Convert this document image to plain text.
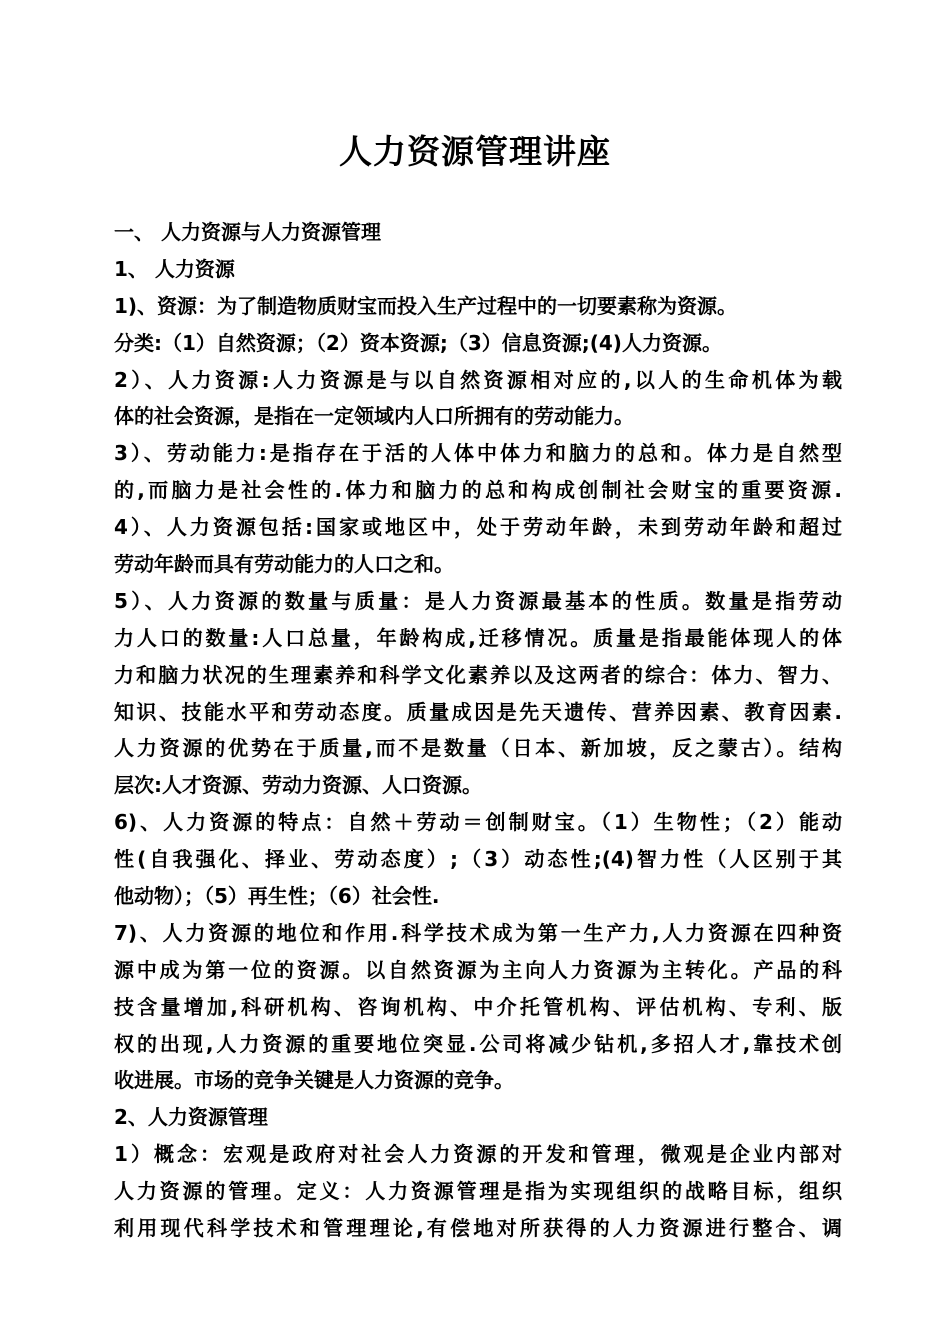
人力资源管理讲座
一、 人力资源与人力资源管理
1、 人力资源
1)、资源：为了制造物质财宝而投入生产过程中的一切要素称为资源。
分类:（1）自然资源；（2）资本资源;（3）信息资源;(4)人力资源。
2）、人力资源:人力资源是与以自然资源相对应的,以人的生命机体为载
体的社会资源，是指在一定领域内人口所拥有的劳动能力。
3）、劳动能力:是指存在于活的人体中体力和脑力的总和。体力是自然型
的,而脑力是社会性的.体力和脑力的总和构成创制社会财宝的重要资源.
4）、人力资源包括:国家或地区中，处于劳动年龄，未到劳动年龄和超过
劳动年龄而具有劳动能力的人口之和。
5）、人力资源的数量与质量：是人力资源最基本的性质。数量是指劳动
力人口的数量:人口总量，年龄构成,迁移情况。质量是指最能体现人的体
力和脑力状况的生理素养和科学文化素养以及这两者的综合：体力、智力、
知识、技能水平和劳动态度。质量成因是先天遗传、营养因素、教育因素.
人力资源的优势在于质量,而不是数量（日本、新加坡，反之蒙古）。结构
层次:人才资源、劳动力资源、人口资源。
6)、人力资源的特点：自然＋劳动＝创制财宝。（1）生物性；（2）能动
性(自我强化、择业、劳动态度）;（3）动态性;(4)智力性（人区别于其
他动物）；（5）再生性；（6）社会性.
7)、人力资源的地位和作用.科学技术成为第一生产力,人力资源在四种资
源中成为第一位的资源。以自然资源为主向人力资源为主转化。产品的科
技含量增加,科研机构、咨询机构、中介托管机构、评估机构、专利、版
权的出现,人力资源的重要地位突显.公司将减少钻机,多招人才,靠技术创
收进展。市场的竞争关键是人力资源的竞争。
2、人力资源管理
1）概念：宏观是政府对社会人力资源的开发和管理，微观是企业内部对
人力资源的管理。定义：人力资源管理是指为实现组织的战略目标，组织
利用现代科学技术和管理理论,有偿地对所获得的人力资源进行整合、调
